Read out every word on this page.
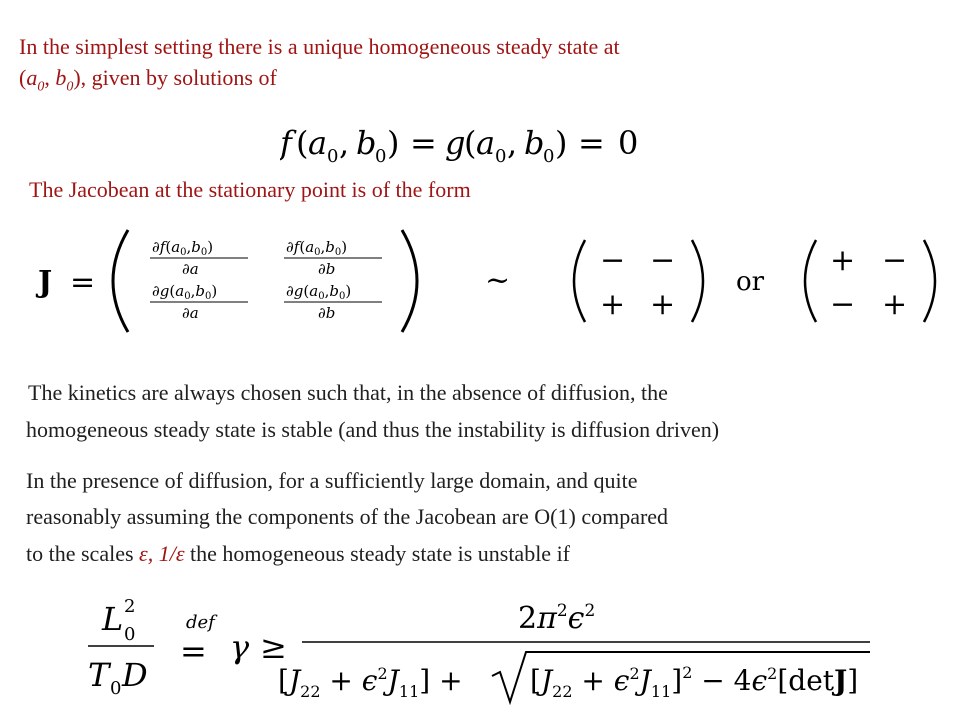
In the simplest setting there is a unique homogeneous steady state at
($a_0$, $b_0$), given by solutions of
f ( a 0 , b
0 ) = g
( a 0 , b
0 ) = 0
The Jacobean at the stationary point is of the form
J =
$\partial f(a_0,b_0)$
∂a
$\partial f(a_0,b_0)$
∂b
$\partial g(a_0,b_0)$
∂a
$\partial g(a_0,b_0)$
∂b
~
− −
+ +
or
+ −
− +
The kinetics are always chosen such that, in the absence of diffusion, the
homogeneous steady state is stable (and thus the instability is diffusion driven)
In the presence of diffusion, for a sufficiently large domain, and quite
reasonably assuming the components of the Jacobean are O(1) compared
to the scales ε, 1/ε the homogeneous steady state is unstable if
L 2
0
T 0 D
def
= γ ≥
$2\pi^2\epsilon^2$
$[J_{22} + \epsilon^2J_{11}] + [J_{22} + \epsilon^2J_{11}]^2 - 4\epsilon^2[\det J]$
